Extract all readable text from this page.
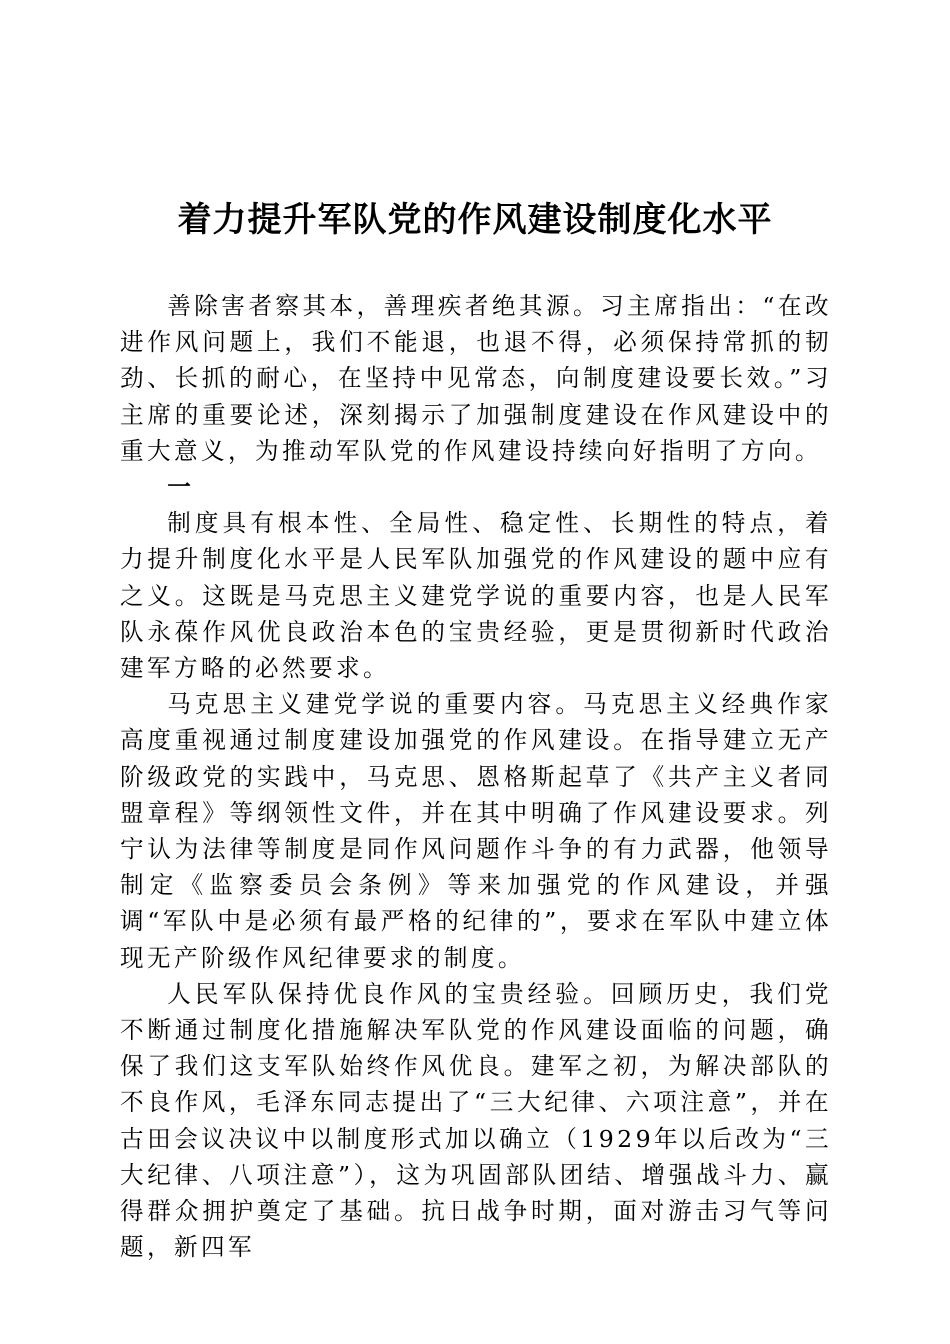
着力提升军队党的作风建设制度化水平

善除害者察其本，善理疾者绝其源。习主席指出：“在改进作风问题上，我们不能退，也退不得，必须保持常抓的韧劲、长抓的耐心，在坚持中见常态，向制度建设要长效。”习主席的重要论述，深刻揭示了加强制度建设在作风建设中的重大意义，为推动军队党的作风建设持续向好指明了方向。

一

制度具有根本性、全局性、稳定性、长期性的特点，着力提升制度化水平是人民军队加强党的作风建设的题中应有之义。这既是马克思主义建党学说的重要内容，也是人民军队永葆作风优良政治本色的宝贵经验，更是贯彻新时代政治建军方略的必然要求。

马克思主义建党学说的重要内容。马克思主义经典作家高度重视通过制度建设加强党的作风建设。在指导建立无产阶级政党的实践中，马克思、恩格斯起草了《共产主义者同盟章程》等纲领性文件，并在其中明确了作风建设要求。列宁认为法律等制度是同作风问题作斗争的有力武器，他领导制定《监察委员会条例》等来加强党的作风建设，并强调“军队中是必须有最严格的纪律的”，要求在军队中建立体现无产阶级作风纪律要求的制度。

人民军队保持优良作风的宝贵经验。回顾历史，我们党不断通过制度化措施解决军队党的作风建设面临的问题，确保了我们这支军队始终作风优良。建军之初，为解决部队的不良作风，毛泽东同志提出了“三大纪律、六项注意”，并在古田会议决议中以制度形式加以确立（1929年以后改为“三大纪律、八项注意”），这为巩固部队团结、增强战斗力、赢得群众拥护奠定了基础。抗日战争时期，面对游击习气等问题，新四军
